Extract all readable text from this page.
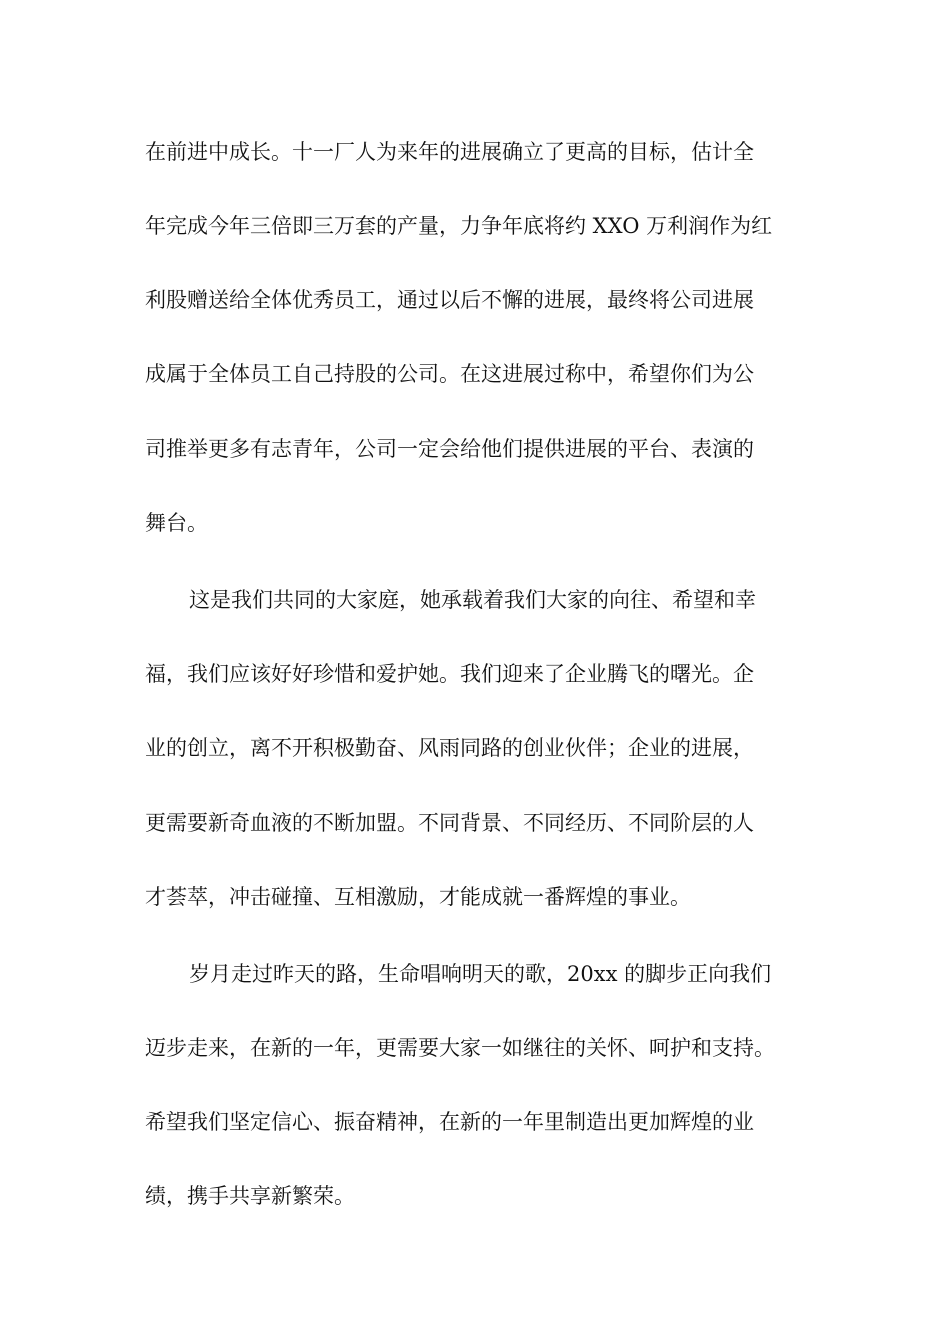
在前进中成长。十一厂人为来年的进展确立了更高的目标，估计全
年完成今年三倍即三万套的产量，力争年底将约 XXO 万利润作为红
利股赠送给全体优秀员工，通过以后不懈的进展，最终将公司进展
成属于全体员工自己持股的公司。在这进展过称中，希望你们为公
司推举更多有志青年，公司一定会给他们提供进展的平台、表演的
舞台。
这是我们共同的大家庭，她承载着我们大家的向往、希望和幸
福，我们应该好好珍惜和爱护她。我们迎来了企业腾飞的曙光。企
业的创立，离不开积极勤奋、风雨同路的创业伙伴；企业的进展，
更需要新奇血液的不断加盟。不同背景、不同经历、不同阶层的人
才荟萃，冲击碰撞、互相激励，才能成就一番辉煌的事业。
岁月走过昨天的路，生命唱响明天的歌，20xx 的脚步正向我们
迈步走来，在新的一年，更需要大家一如继往的关怀、呵护和支持。
希望我们坚定信心、振奋精神，在新的一年里制造出更加辉煌的业
绩，携手共享新繁荣。
